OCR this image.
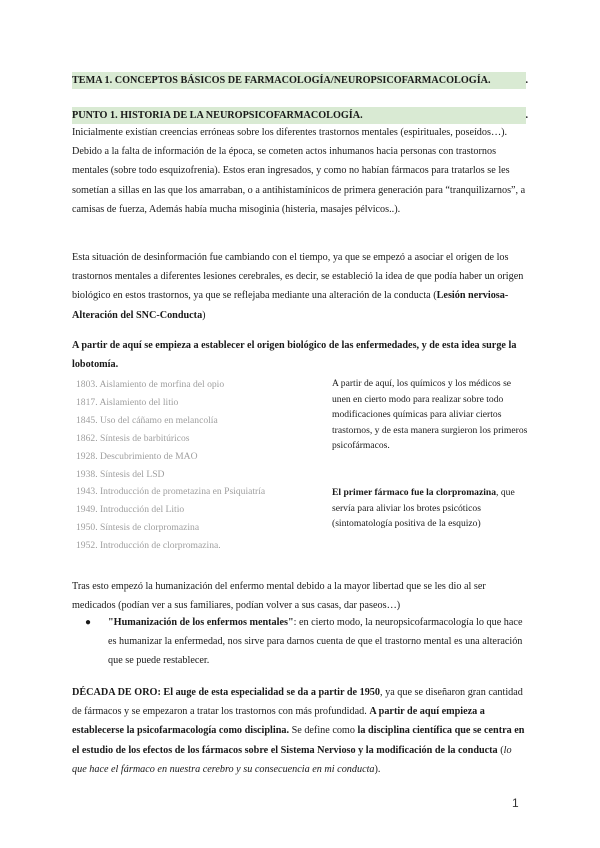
TEMA 1. CONCEPTOS BÁSICOS DE FARMACOLOGÍA/NEUROPSICOFARMACOLOGÍA.	.
PUNTO 1. HISTORIA DE LA NEUROPSICOFARMACOLOGÍA.	.

Inicialmente existían creencias erróneas sobre los diferentes trastornos mentales (espirituales, poseídos…). Debido a la falta de información de la época, se cometen actos inhumanos hacia personas con trastornos mentales (sobre todo esquizofrenia). Estos eran ingresados, y como no habían fármacos para tratarlos se les sometían a sillas en las que los amarraban, o a antihistamínicos de primera generación para “tranquilizarnos”, a camisas de fuerza, Además había mucha misoginia (histeria, masajes pélvicos..).

Esta situación de desinformación fue cambiando con el tiempo, ya que se empezó a asociar el origen de los trastornos mentales a diferentes lesiones cerebrales, es decir, se estableció la idea de que podía haber un origen biológico en estos trastornos, ya que se reflejaba mediante una alteración de la conducta (Lesión nerviosa- Alteración del SNC-Conducta)

A partir de aquí se empieza a establecer el origen biológico de las enfermedades, y de esta idea surge la lobotomía.

1803. Aislamiento de morfina del opio
1817. Aislamiento del litio
1845. Uso del cáñamo en melancolía
1862. Síntesis de barbitúricos
1928. Descubrimiento de MAO
1938. Síntesis del LSD
1943. Introducción de prometazina en Psiquiatría
1949. Introducción del Litio
1950. Síntesis de clorpromazina
1952. Introducción de clorpromazina.

A partir de aquí, los químicos y los médicos se unen en cierto modo para realizar sobre todo modificaciones químicas para aliviar ciertos trastornos, y de esta manera surgieron los primeros psicofármacos.

El primer fármaco fue la clorpromazina, que servía para aliviar los brotes psicóticos (sintomatología positiva de la esquizo)

Tras esto empezó la humanización del enfermo mental debido a la mayor libertad que se les dio al ser medicados (podían ver a sus familiares, podían volver a sus casas, dar paseos…)

●	"Humanización de los enfermos mentales": en cierto modo, la neuropsicofarmacología lo que hace es humanizar la enfermedad, nos sirve para darnos cuenta de que el trastorno mental es una alteración que se puede restablecer.

DÉCADA DE ORO: El auge de esta especialidad se da a partir de 1950, ya que se diseñaron gran cantidad de fármacos y se empezaron a tratar los trastornos con más profundidad. A partir de aquí empieza a establecerse la psicofarmacología como disciplina. Se define como la disciplina científica que se centra en el estudio de los efectos de los fármacos sobre el Sistema Nervioso y la modificación de la conducta (lo que hace el fármaco en nuestra cerebro y su consecuencia en mi conducta).

1
